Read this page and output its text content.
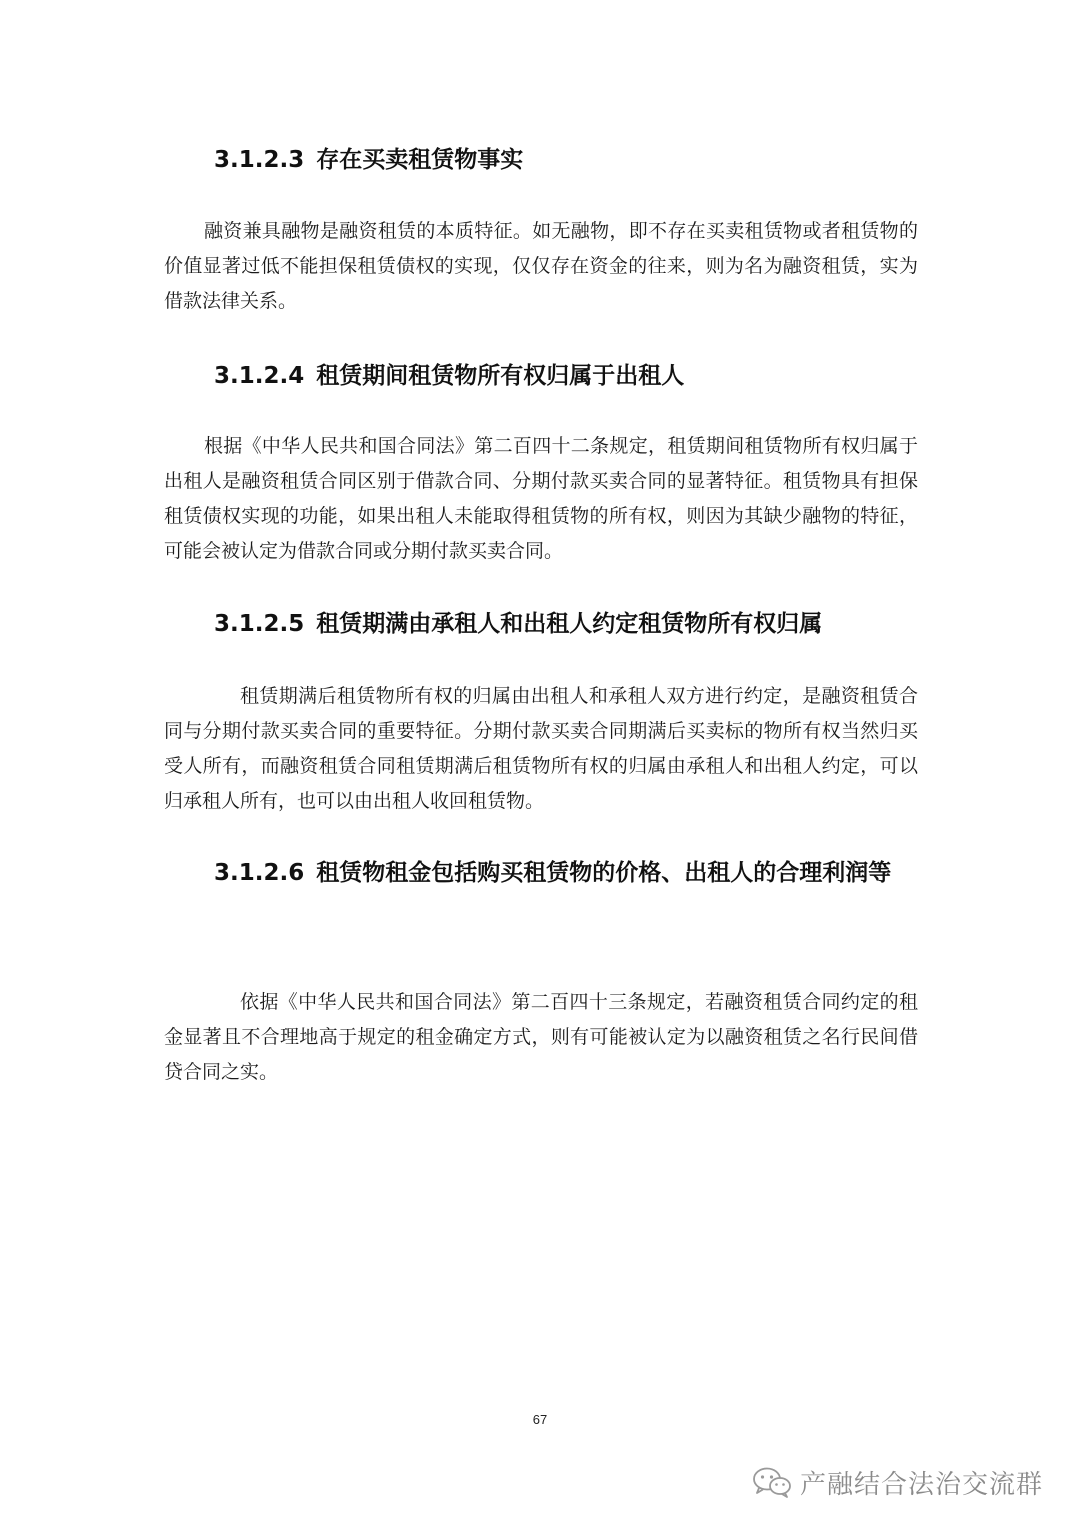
3.1.2.3 存在买卖租赁物事实

融资兼具融物是融资租赁的本质特征。如无融物，即不存在买卖租赁物或者租赁物的价值显著过低不能担保租赁债权的实现，仅仅存在资金的往来，则为名为融资租赁，实为借款法律关系。

3.1.2.4 租赁期间租赁物所有权归属于出租人

根据《中华人民共和国合同法》第二百四十二条规定，租赁期间租赁物所有权归属于出租人是融资租赁合同区别于借款合同、分期付款买卖合同的显著特征。租赁物具有担保租赁债权实现的功能，如果出租人未能取得租赁物的所有权，则因为其缺少融物的特征，可能会被认定为借款合同或分期付款买卖合同。

3.1.2.5 租赁期满由承租人和出租人约定租赁物所有权归属

租赁期满后租赁物所有权的归属由出租人和承租人双方进行约定，是融资租赁合同与分期付款买卖合同的重要特征。分期付款买卖合同期满后买卖标的物所有权当然归买受人所有，而融资租赁合同租赁期满后租赁物所有权的归属由承租人和出租人约定，可以归承租人所有，也可以由出租人收回租赁物。

3.1.2.6 租赁物租金包括购买租赁物的价格、出租人的合理利润等

依据《中华人民共和国合同法》第二百四十三条规定，若融资租赁合同约定的租金显著且不合理地高于规定的租金确定方式，则有可能被认定为以融资租赁之名行民间借贷合同之实。

67
产融结合法治交流群
